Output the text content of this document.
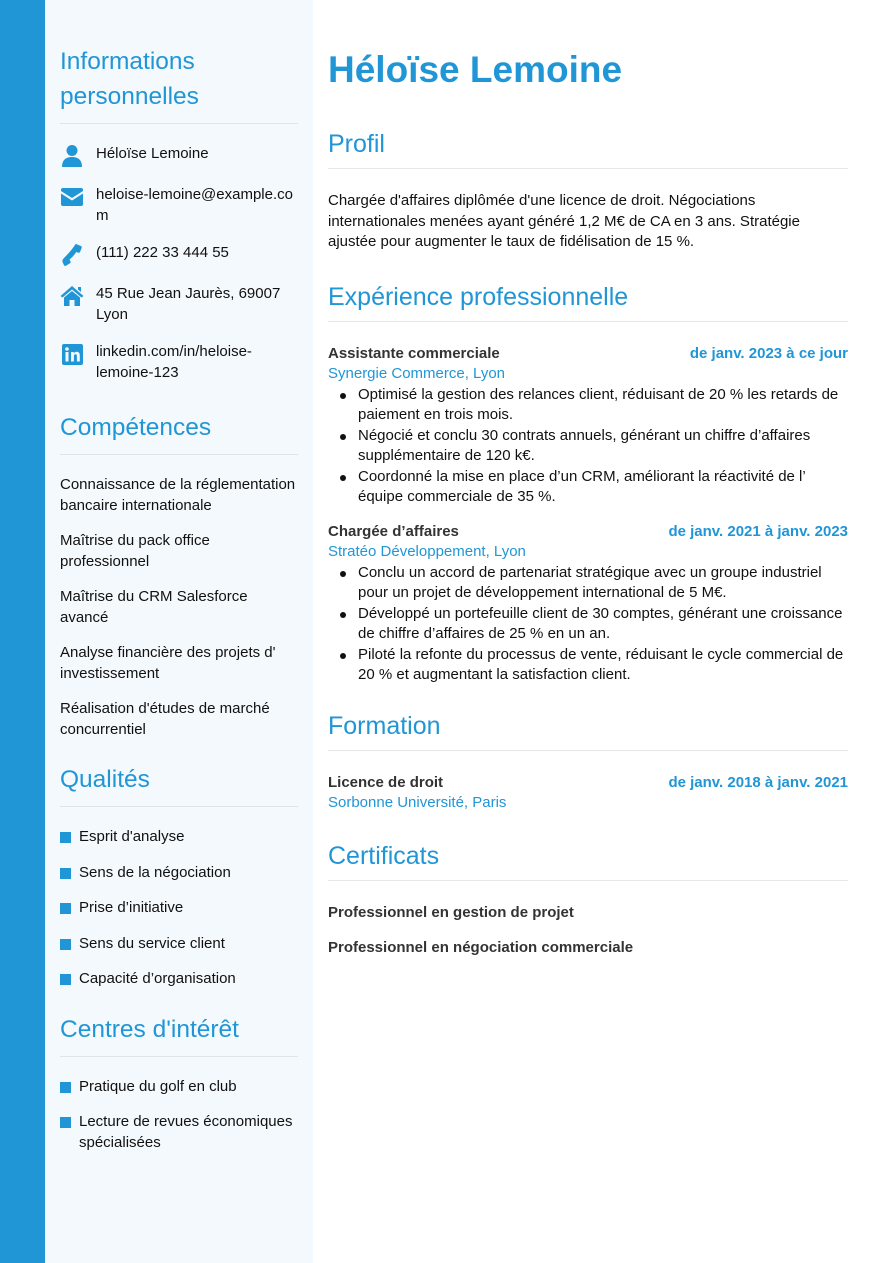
Informations personnelles
Héloïse Lemoine
heloise-lemoine@example.com
(111) 222 33 444 55
45 Rue Jean Jaurès, 69007 Lyon
linkedin.com/in/heloise-lemoine-123
Compétences
Connaissance de la réglementation bancaire internationale
Maîtrise du pack office professionnel
Maîtrise du CRM Salesforce avancé
Analyse financière des projets d' investissement
Réalisation d'études de marché concurrentiel
Qualités
Esprit d'analyse
Sens de la négociation
Prise d’initiative
Sens du service client
Capacité d’organisation
Centres d'intérêt
Pratique du golf en club
Lecture de revues économiques spécialisées
Héloïse Lemoine
Profil

Chargée d'affaires diplômée d'une licence de droit. Négociations internationales menées ayant généré 1,2 M€ de CA en 3 ans. Stratégie ajustée pour augmenter le taux de fidélisation de 15 %.

Expérience professionnelle
Assistante commerciale	de janv. 2023 à ce jour
Synergie Commerce, Lyon
Optimisé la gestion des relances client, réduisant de 20 % les retards de paiement en trois mois.
Négocié et conclu 30 contrats annuels, générant un chiffre d’affaires supplémentaire de 120 k€.
Coordonné la mise en place d’un CRM, améliorant la réactivité de l’ équipe commerciale de 35 %.
Chargée d’affaires	de janv. 2021 à janv. 2023
Stratéo Développement, Lyon
Conclu un accord de partenariat stratégique avec un groupe industriel pour un projet de développement international de 5 M€.
Développé un portefeuille client de 30 comptes, générant une croissance de chiffre d’affaires de 25 % en un an.
Piloté la refonte du processus de vente, réduisant le cycle commercial de 20 % et augmentant la satisfaction client.
Formation
Licence de droit	de janv. 2018 à janv. 2021
Sorbonne Université, Paris
Certificats
Professionnel en gestion de projet
Professionnel en négociation commerciale
